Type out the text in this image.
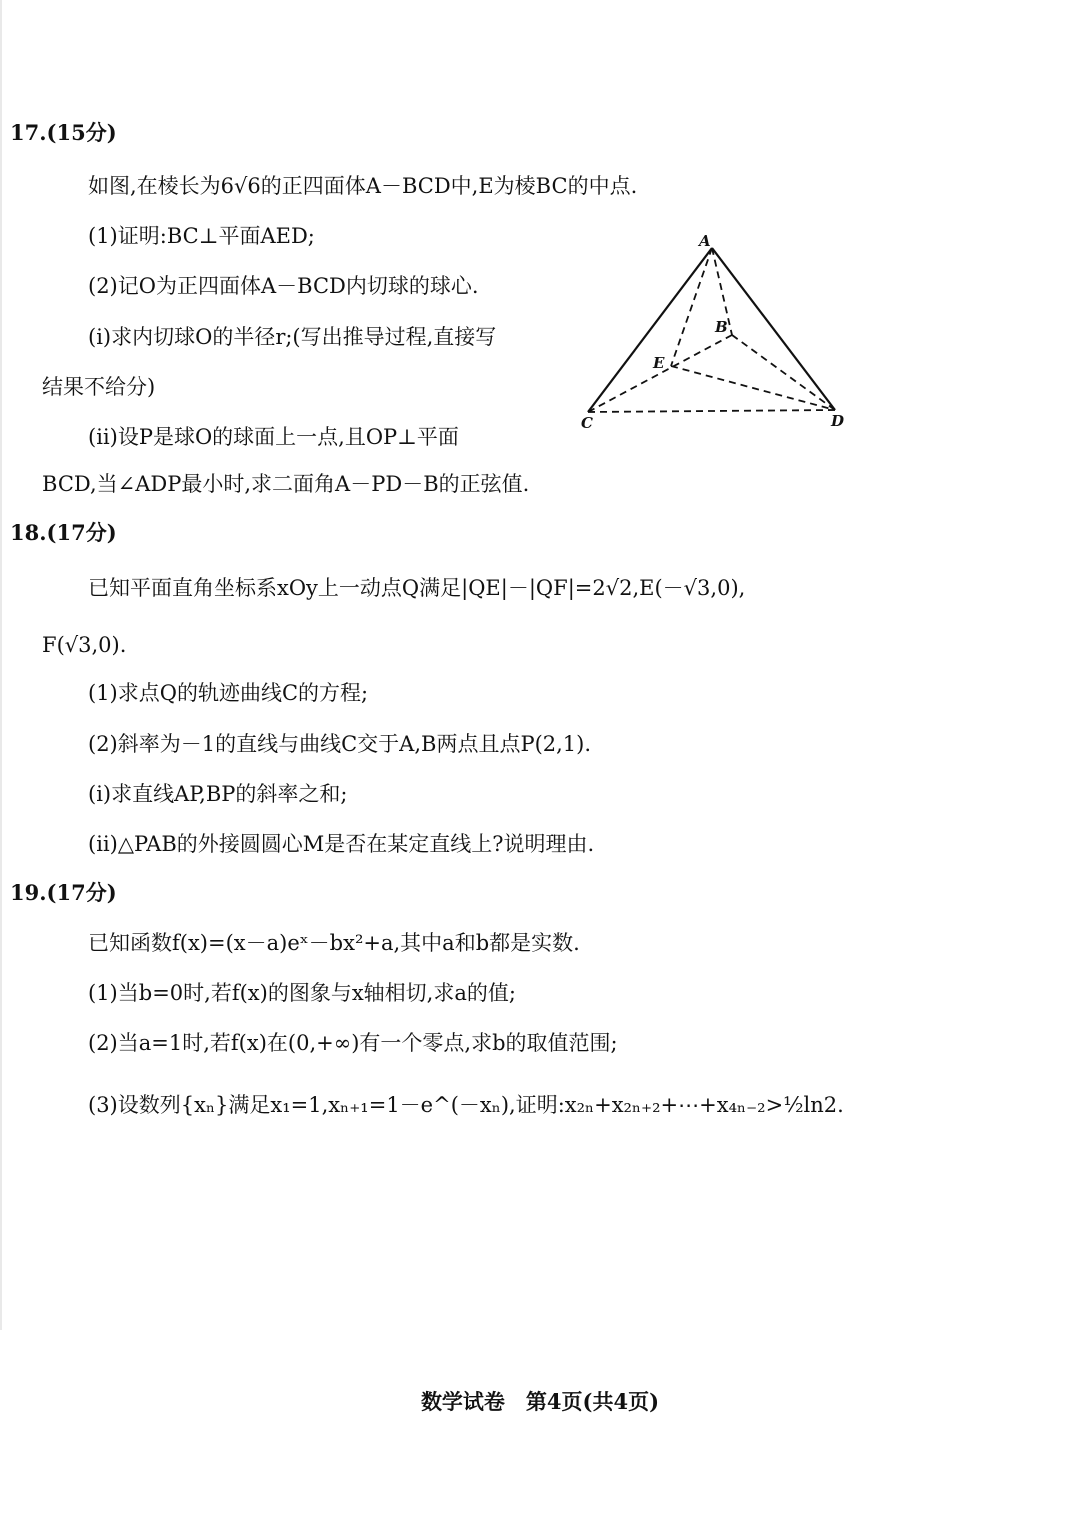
17.(15分)
如图,在棱长为6√6的正四面体A－BCD中,E为棱BC的中点.
(1)证明:BC⊥平面AED;
(2)记O为正四面体A－BCD内切球的球心.
(i)求内切球O的半径r;(写出推导过程,直接写
结果不给分)
(ⅱ)设P是球O的球面上一点,且OP⊥平面
BCD,当∠ADP最小时,求二面角A－PD－B的正弦值.
A
B
C	D
E
18.(17分)
已知平面直角坐标系xOy上一动点Q满足|QE|－|QF|=2√2,E(－√3,0),
F(√3,0).
(1)求点Q的轨迹曲线C的方程;
(2)斜率为－1的直线与曲线C交于A,B两点且点P(2,1).
(i)求直线AP,BP的斜率之和;
(ⅱ)△PAB的外接圆圆心M是否在某定直线上?说明理由.
19.(17分)
已知函数f(x)=(x－a)eˣ－bx²+a,其中a和b都是实数.
(1)当b=0时,若f(x)的图象与x轴相切,求a的值;
(2)当a=1时,若f(x)在(0,+∞)有一个零点,求b的取值范围;
(3)设数列{xₙ}满足x₁=1,xₙ₊₁=1－e^(－xₙ),证明:x₂ₙ+x₂ₙ₊₂+⋯+x₄ₙ₋₂>½ln2.
数学试卷　第4页(共4页)
